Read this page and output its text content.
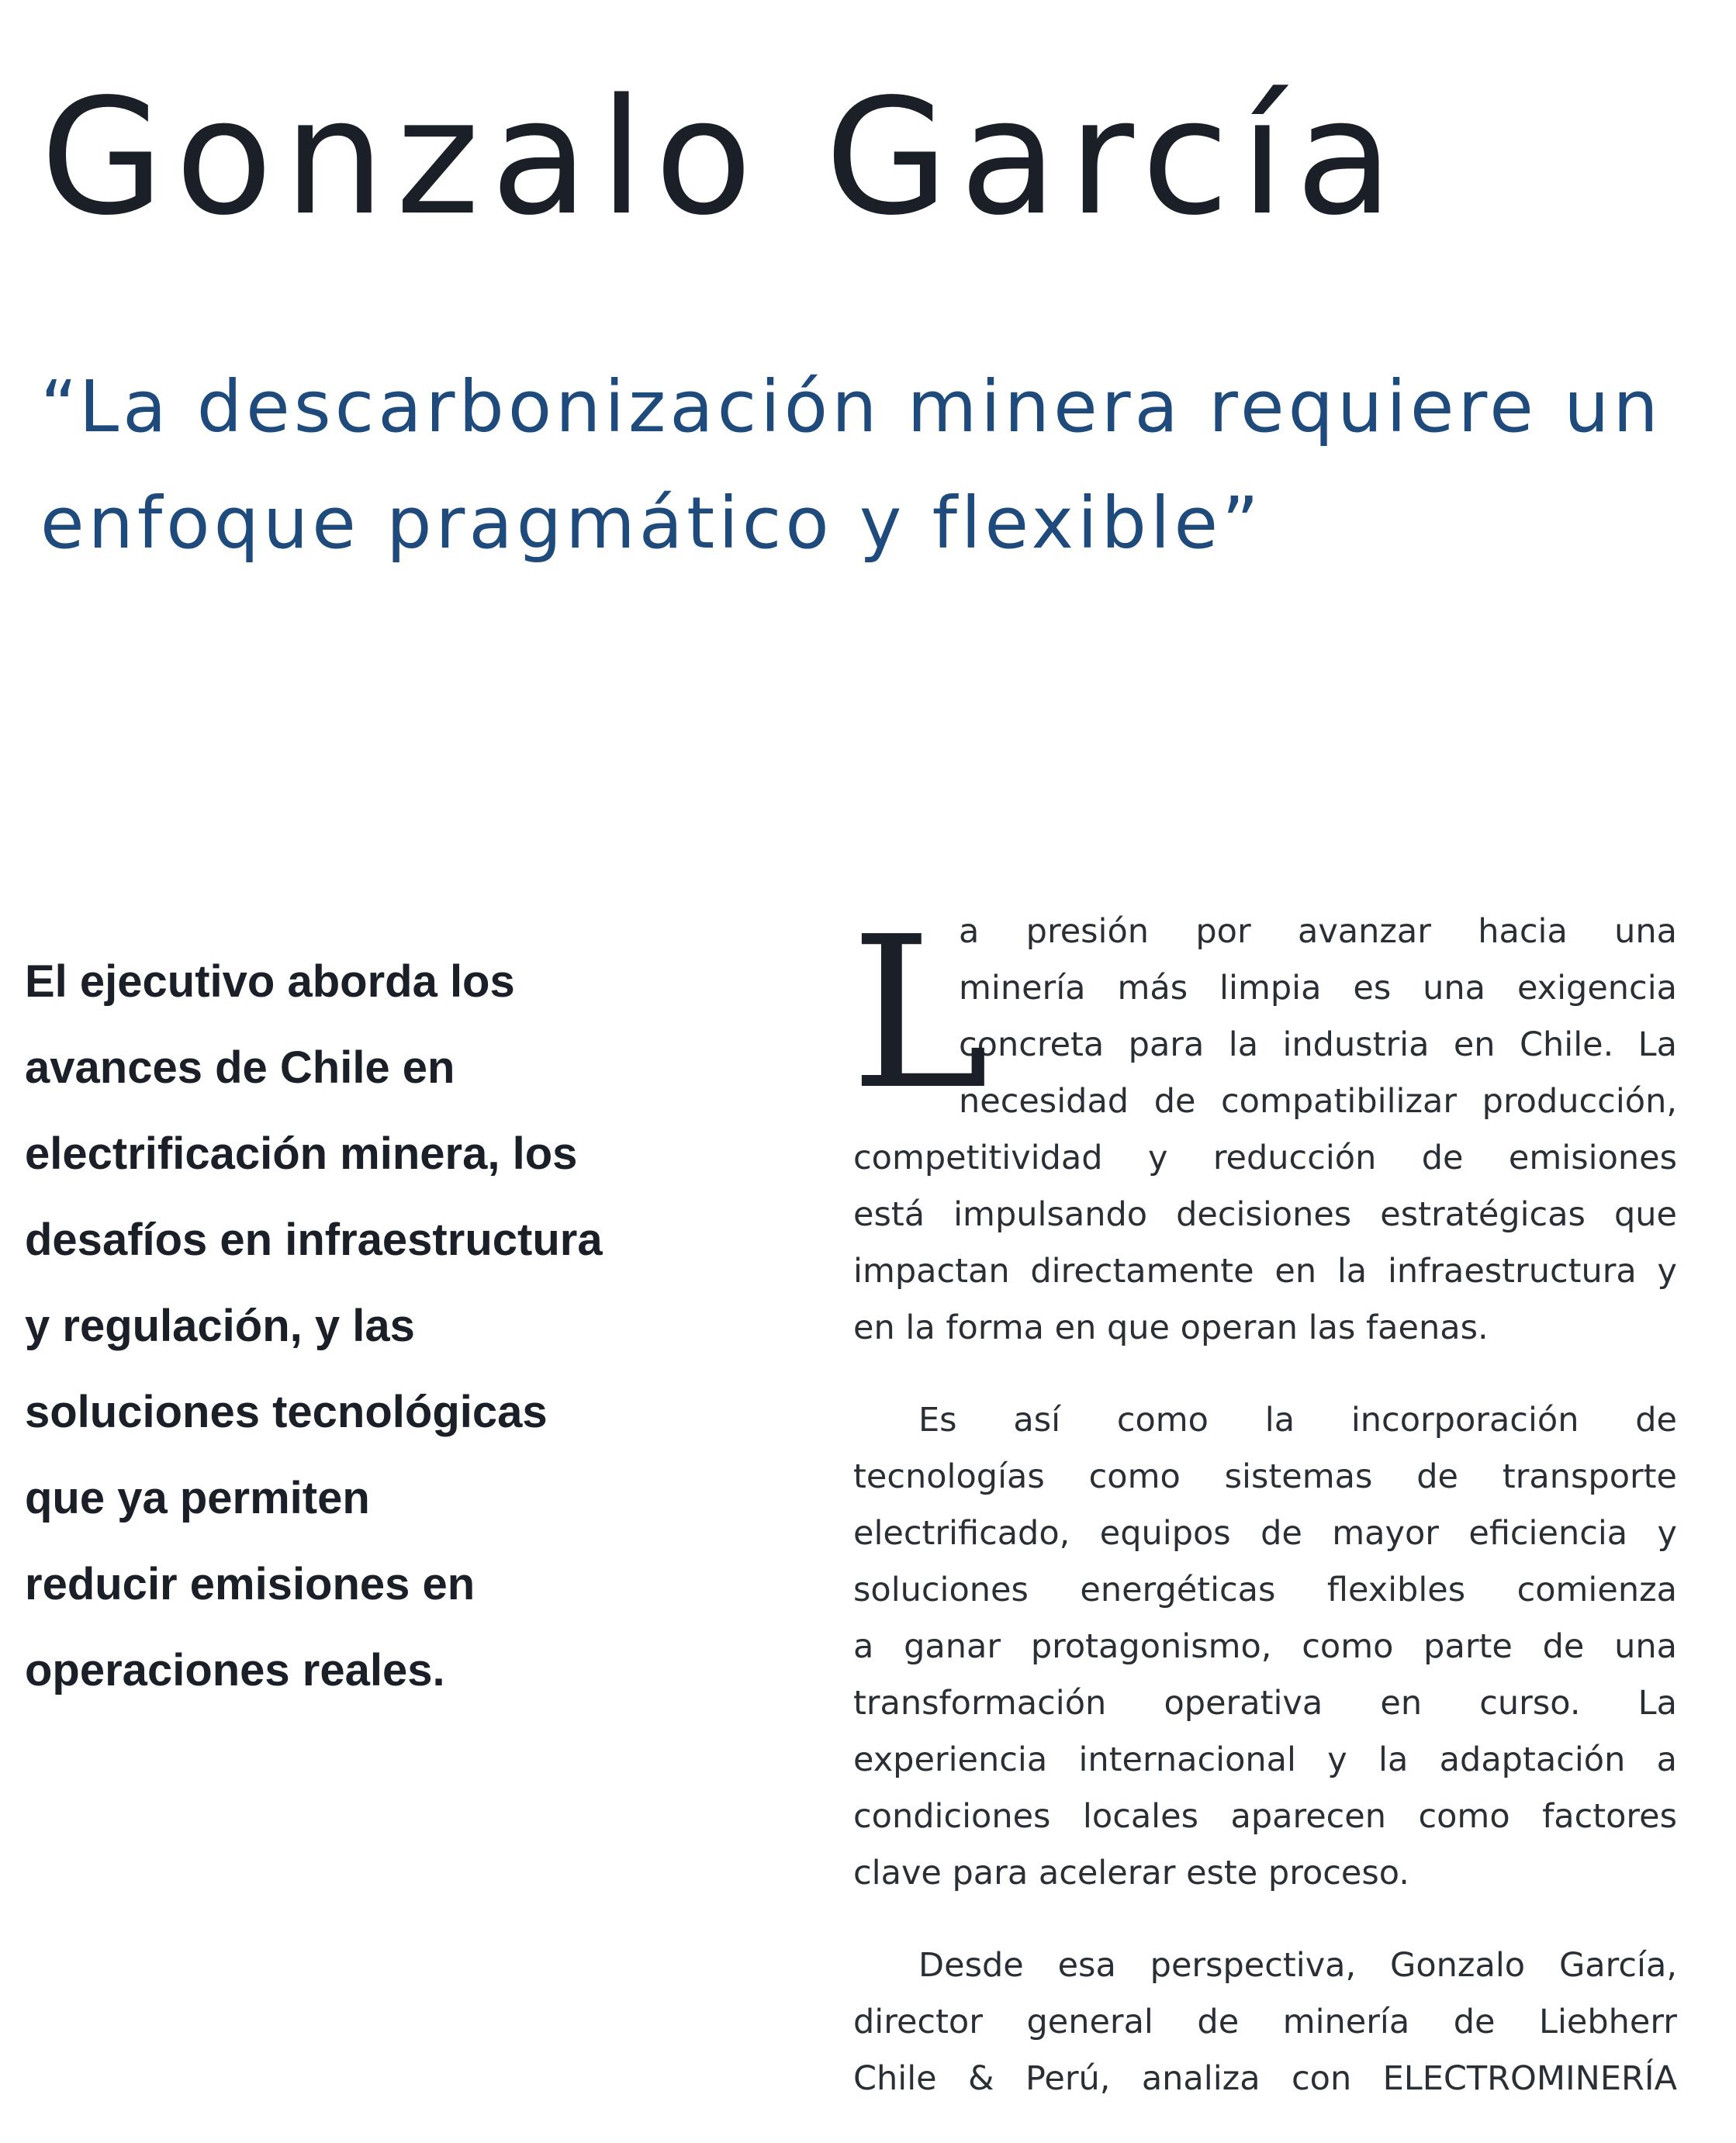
Gonzalo García
“La descarbonización minera requiere un
enfoque pragmático y flexible”

El ejecutivo aborda los
avances de Chile en
electrificación minera, los
desafíos en infraestructura
y regulación, y las
soluciones tecnológicas
que ya permiten
reducir emisiones en
operaciones reales.

L
a presión por avanzar hacia una
minería más limpia es una exigencia
concreta para la industria en Chile. La
necesidad de compatibilizar producción,
competitividad y reducción de emisiones
está impulsando decisiones estratégicas que
impactan directamente en la infraestructura y
en la forma en que operan las faenas.
Es así como la incorporación de
tecnologías como sistemas de transporte
electrificado, equipos de mayor eficiencia y
soluciones energéticas flexibles comienza
a ganar protagonismo, como parte de una
transformación operativa en curso. La
experiencia internacional y la adaptación a
condiciones locales aparecen como factores
clave para acelerar este proceso.
Desde esa perspectiva, Gonzalo García,
director general de minería de Liebherr
Chile & Perú, analiza con ELECTROMINERÍA
